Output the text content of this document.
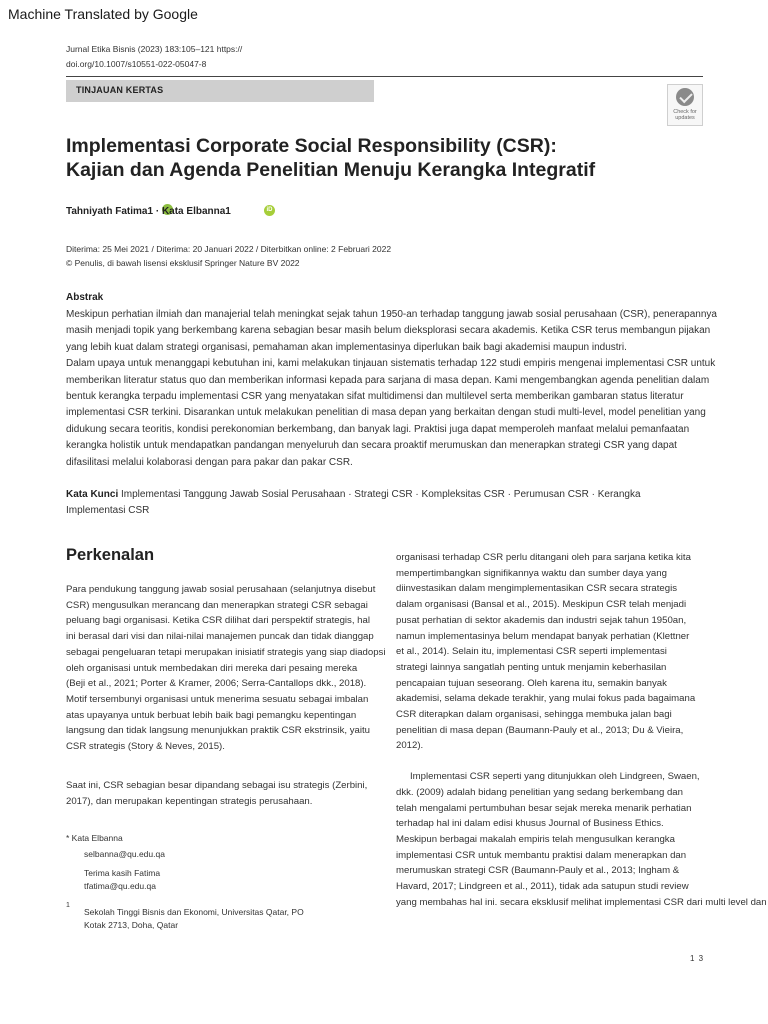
Machine Translated by Google
Jurnal Etika Bisnis (2023) 183:105–121 https://
doi.org/10.1007/s10551-022-05047-8
TINJAUAN KERTAS
Check for
updates
Implementasi Corporate Social Responsibility (CSR):
Kajian dan Agenda Penelitian Menuju Kerangka Integratif
Tahniyath Fatima1 · Kata Elbanna1	iD
Diterima: 25 Mei 2021 / Diterima: 20 Januari 2022 / Diterbitkan online: 2 Februari 2022
© Penulis, di bawah lisensi eksklusif Springer Nature BV 2022
Abstrak
Meskipun perhatian ilmiah dan manajerial telah meningkat sejak tahun 1950-an terhadap tanggung jawab sosial perusahaan (CSR), penerapannya
masih menjadi topik yang berkembang karena sebagian besar masih belum dieksplorasi secara akademis. Ketika CSR terus membangun pijakan
yang lebih kuat dalam strategi organisasi, pemahaman akan implementasinya diperlukan baik bagi akademisi maupun industri.
Dalam upaya untuk menanggapi kebutuhan ini, kami melakukan tinjauan sistematis terhadap 122 studi empiris mengenai implementasi CSR untuk
memberikan literatur status quo dan memberikan informasi kepada para sarjana di masa depan. Kami mengembangkan agenda penelitian dalam
bentuk kerangka terpadu implementasi CSR yang menyatakan sifat multidimensi dan multilevel serta memberikan gambaran status literatur
implementasi CSR terkini. Disarankan untuk melakukan penelitian di masa depan yang berkaitan dengan studi multi-level, model penelitian yang
didukung secara teoritis, kondisi perekonomian berkembang, dan banyak lagi. Praktisi juga dapat memperoleh manfaat melalui pemanfaatan
kerangka holistik untuk mendapatkan pandangan menyeluruh dan secara proaktif merumuskan dan menerapkan strategi CSR yang dapat
difasilitasi melalui kolaborasi dengan para pakar dan pakar CSR.
Kata Kunci Implementasi Tanggung Jawab Sosial Perusahaan · Strategi CSR · Kompleksitas CSR · Perumusan CSR · Kerangka
Implementasi CSR
Perkenalan
Para pendukung tanggung jawab sosial perusahaan (selanjutnya disebut
CSR) mengusulkan merancang dan menerapkan strategi CSR sebagai
peluang bagi organisasi. Ketika CSR dilihat dari perspektif strategis, hal
ini berasal dari visi dan nilai-nilai manajemen puncak dan tidak dianggap
sebagai pengeluaran tetapi merupakan inisiatif strategis yang siap diadopsi
oleh organisasi untuk membedakan diri mereka dari pesaing mereka
(Beji et al., 2021; Porter & Kramer, 2006; Serra-Cantallops dkk., 2018).
Motif tersembunyi organisasi untuk menerima sesuatu sebagai imbalan
atas upayanya untuk berbuat lebih baik bagi pemangku kepentingan
langsung dan tidak langsung menunjukkan praktik CSR ekstrinsik, yaitu
CSR strategis (Story & Neves, 2015).
Saat ini, CSR sebagian besar dipandang sebagai isu strategis (Zerbini,
2017), dan merupakan kepentingan strategis perusahaan.
* Kata Elbanna
selbanna@qu.edu.qa
Terima kasih Fatima
tfatima@qu.edu.qa
1
Sekolah Tinggi Bisnis dan Ekonomi, Universitas Qatar, PO
Kotak 2713, Doha, Qatar
organisasi terhadap CSR perlu ditangani oleh para sarjana ketika kita
mempertimbangkan signifikannya waktu dan sumber daya yang
diinvestasikan dalam mengimplementasikan CSR secara strategis
dalam organisasi (Bansal et al., 2015). Meskipun CSR telah menjadi
pusat perhatian di sektor akademis dan industri sejak tahun 1950an,
namun implementasinya belum mendapat banyak perhatian (Klettner
et al., 2014). Selain itu, implementasi CSR seperti implementasi
strategi lainnya sangatlah penting untuk menjamin keberhasilan
pencapaian tujuan seseorang. Oleh karena itu, semakin banyak
akademisi, selama dekade terakhir, yang mulai fokus pada bagaimana
CSR diterapkan dalam organisasi, sehingga membuka jalan bagi
penelitian di masa depan (Baumann-Pauly et al., 2013; Du & Vieira,
2012).
Implementasi CSR seperti yang ditunjukkan oleh Lindgreen, Swaen,
dkk. (2009) adalah bidang penelitian yang sedang berkembang dan
telah mengalami pertumbuhan besar sejak mereka menarik perhatian
terhadap hal ini dalam edisi khusus Journal of Business Ethics.
Meskipun berbagai makalah empiris telah mengusulkan kerangka
implementasi CSR untuk membantu praktisi dalam menerapkan dan
merumuskan strategi CSR (Baumann-Pauly et al., 2013; Ingham &
Havard, 2017; Lindgreen et al., 2011), tidak ada satupun studi review
yang membahas hal ini. secara eksklusif melihat implementasi CSR dari multi level dan
1 3
